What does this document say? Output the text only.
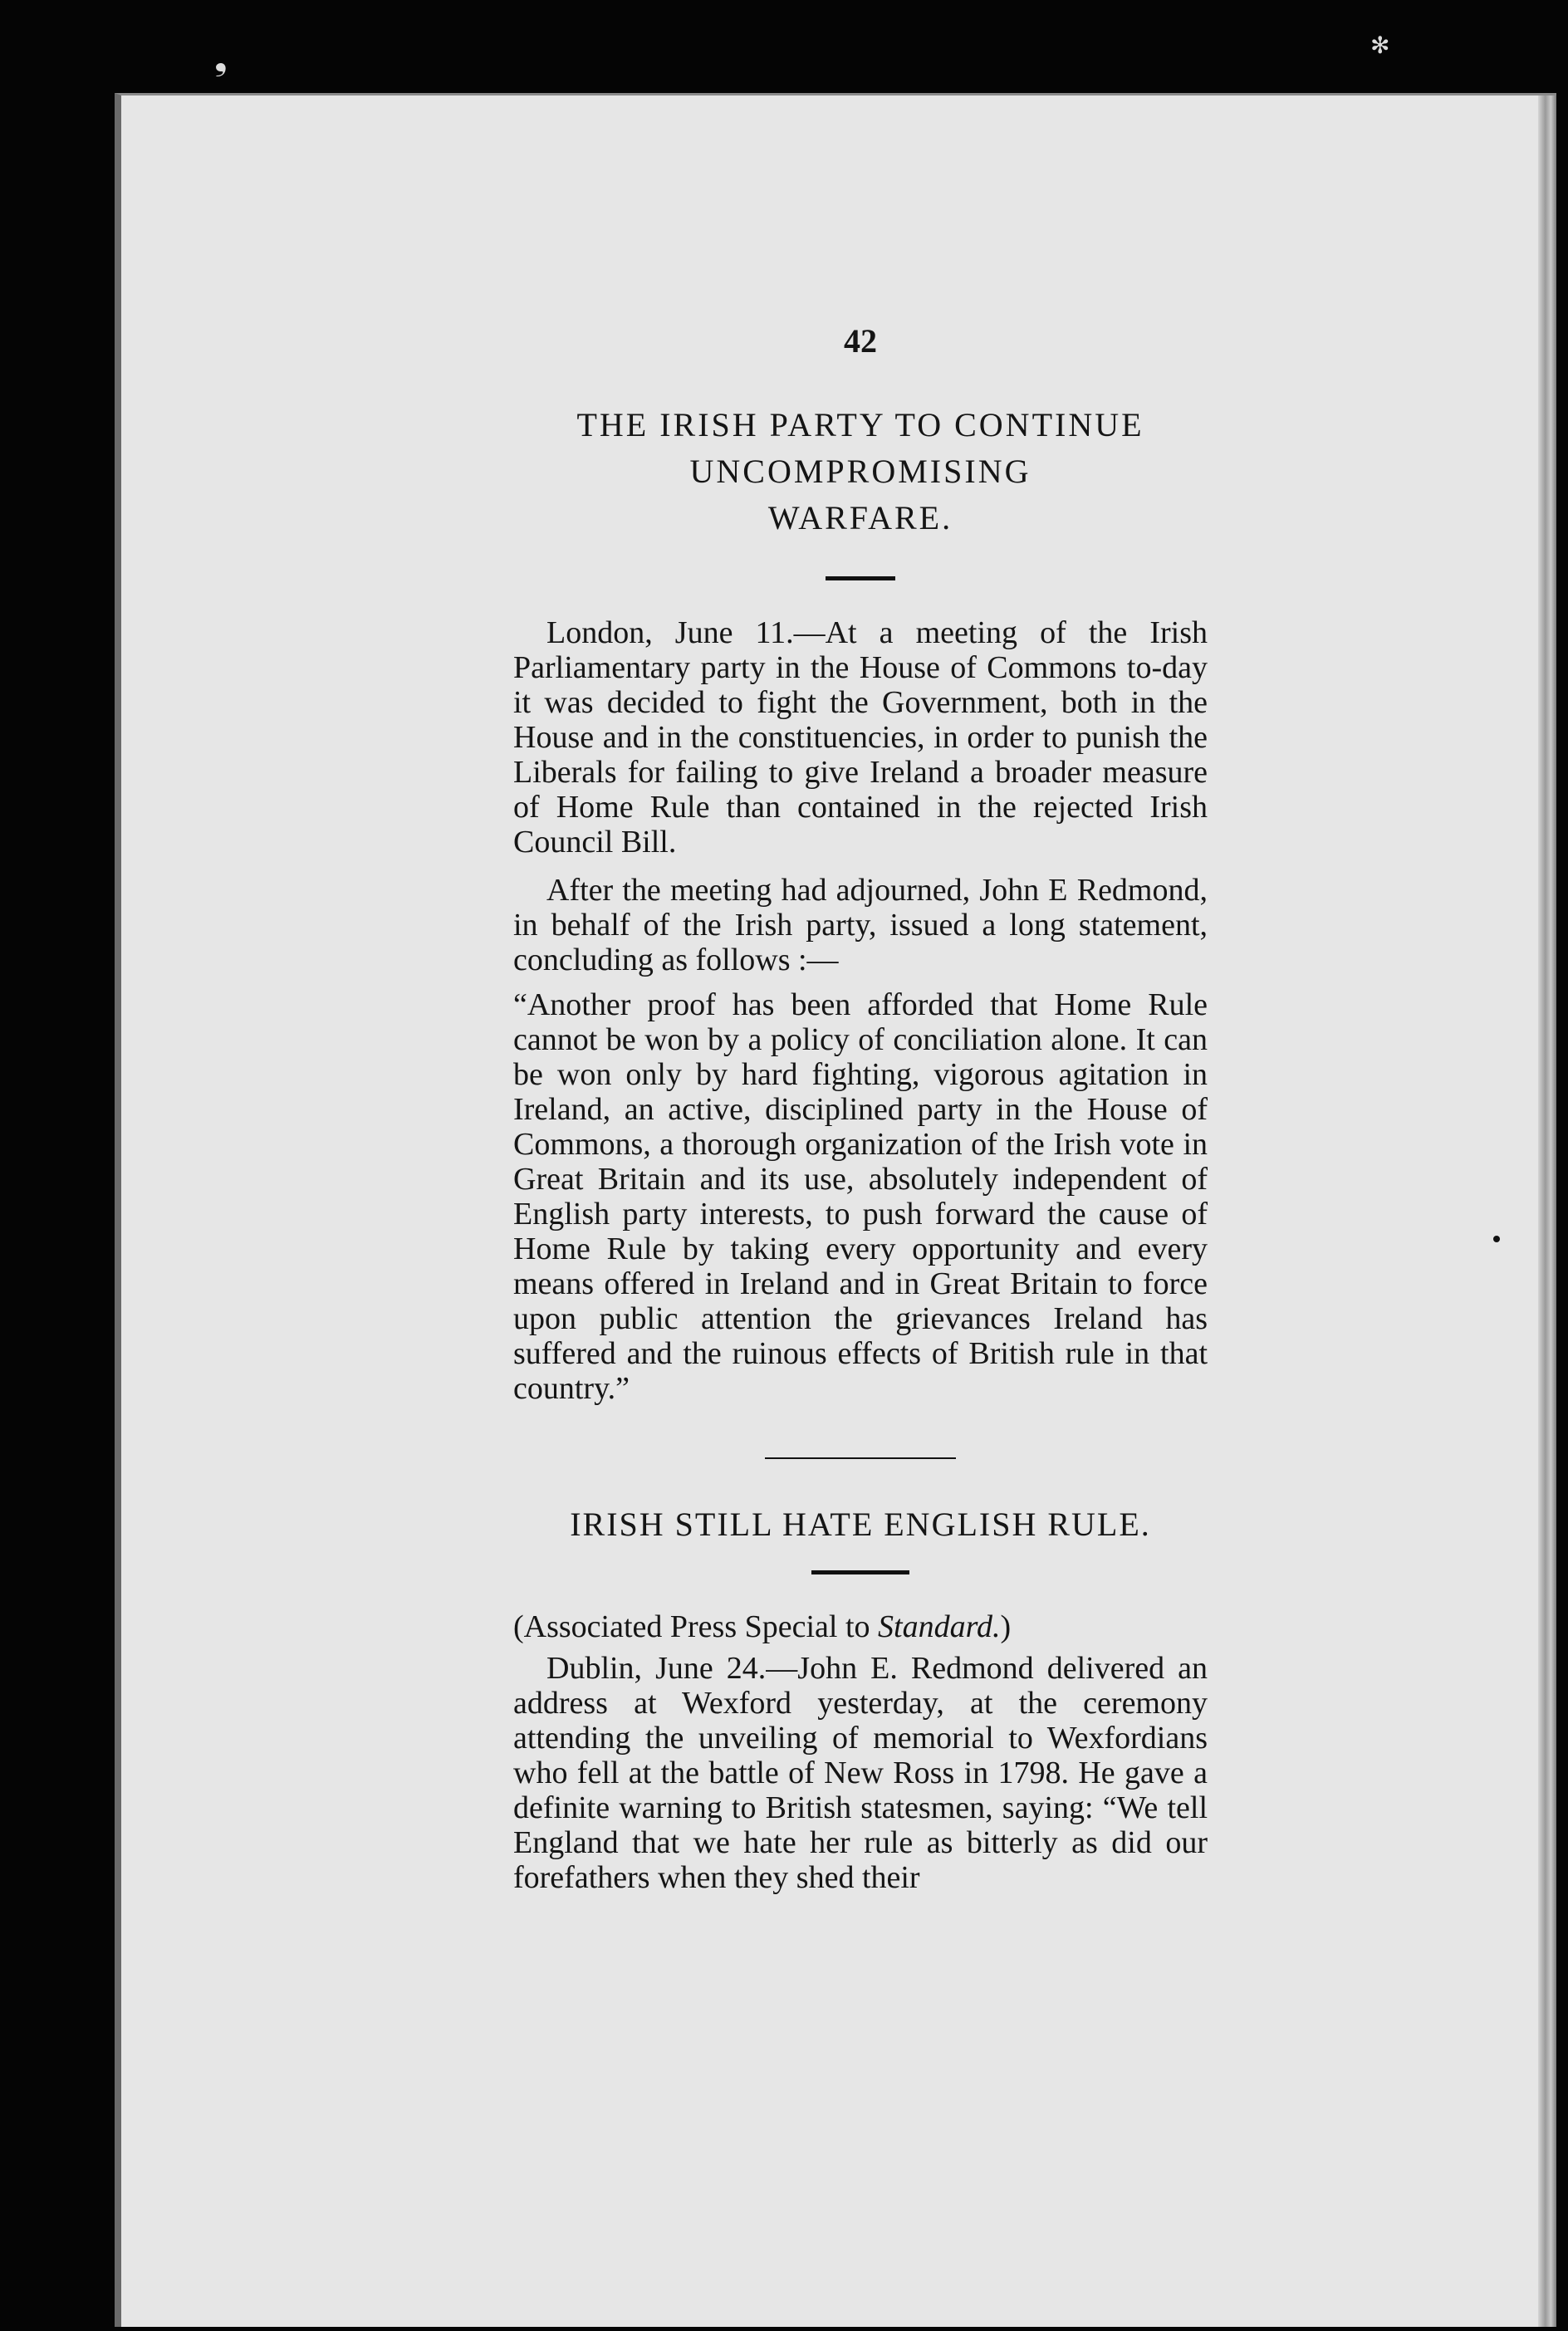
❟	✻
42
THE IRISH PARTY TO CONTINUE
UNCOMPROMISING
WARFARE.

London, June 11.—At a meeting of the Irish Parliamentary party in the House of Commons to-day it was decided to fight the Government, both in the House and in the constituencies, in order to punish the Liberals for failing to give Ireland a broader measure of Home Rule than contained in the rejected Irish Council Bill.

After the meeting had adjourned, John E Redmond, in behalf of the Irish party, issued a long statement, concluding as follows :—

“Another proof has been afforded that Home Rule cannot be won by a policy of conciliation alone. It can be won only by hard fighting, vigorous agitation in Ireland, an active, disciplined party in the House of Commons, a thorough organization of the Irish vote in Great Britain and its use, absolutely independent of English party interests, to push forward the cause of Home Rule by taking every opportunity and every means offered in Ireland and in Great Britain to force upon public attention the grievances Ireland has suffered and the ruinous effects of British rule in that country.”

IRISH STILL HATE ENGLISH RULE.
(Associated Press Special to Standard.)

Dublin, June 24.—John E. Redmond delivered an address at Wexford yesterday, at the ceremony attending the unveiling of memorial to Wexfordians who fell at the battle of New Ross in 1798. He gave a definite warning to British statesmen, saying: “We tell England that we hate her rule as bitterly as did our forefathers when they shed their
